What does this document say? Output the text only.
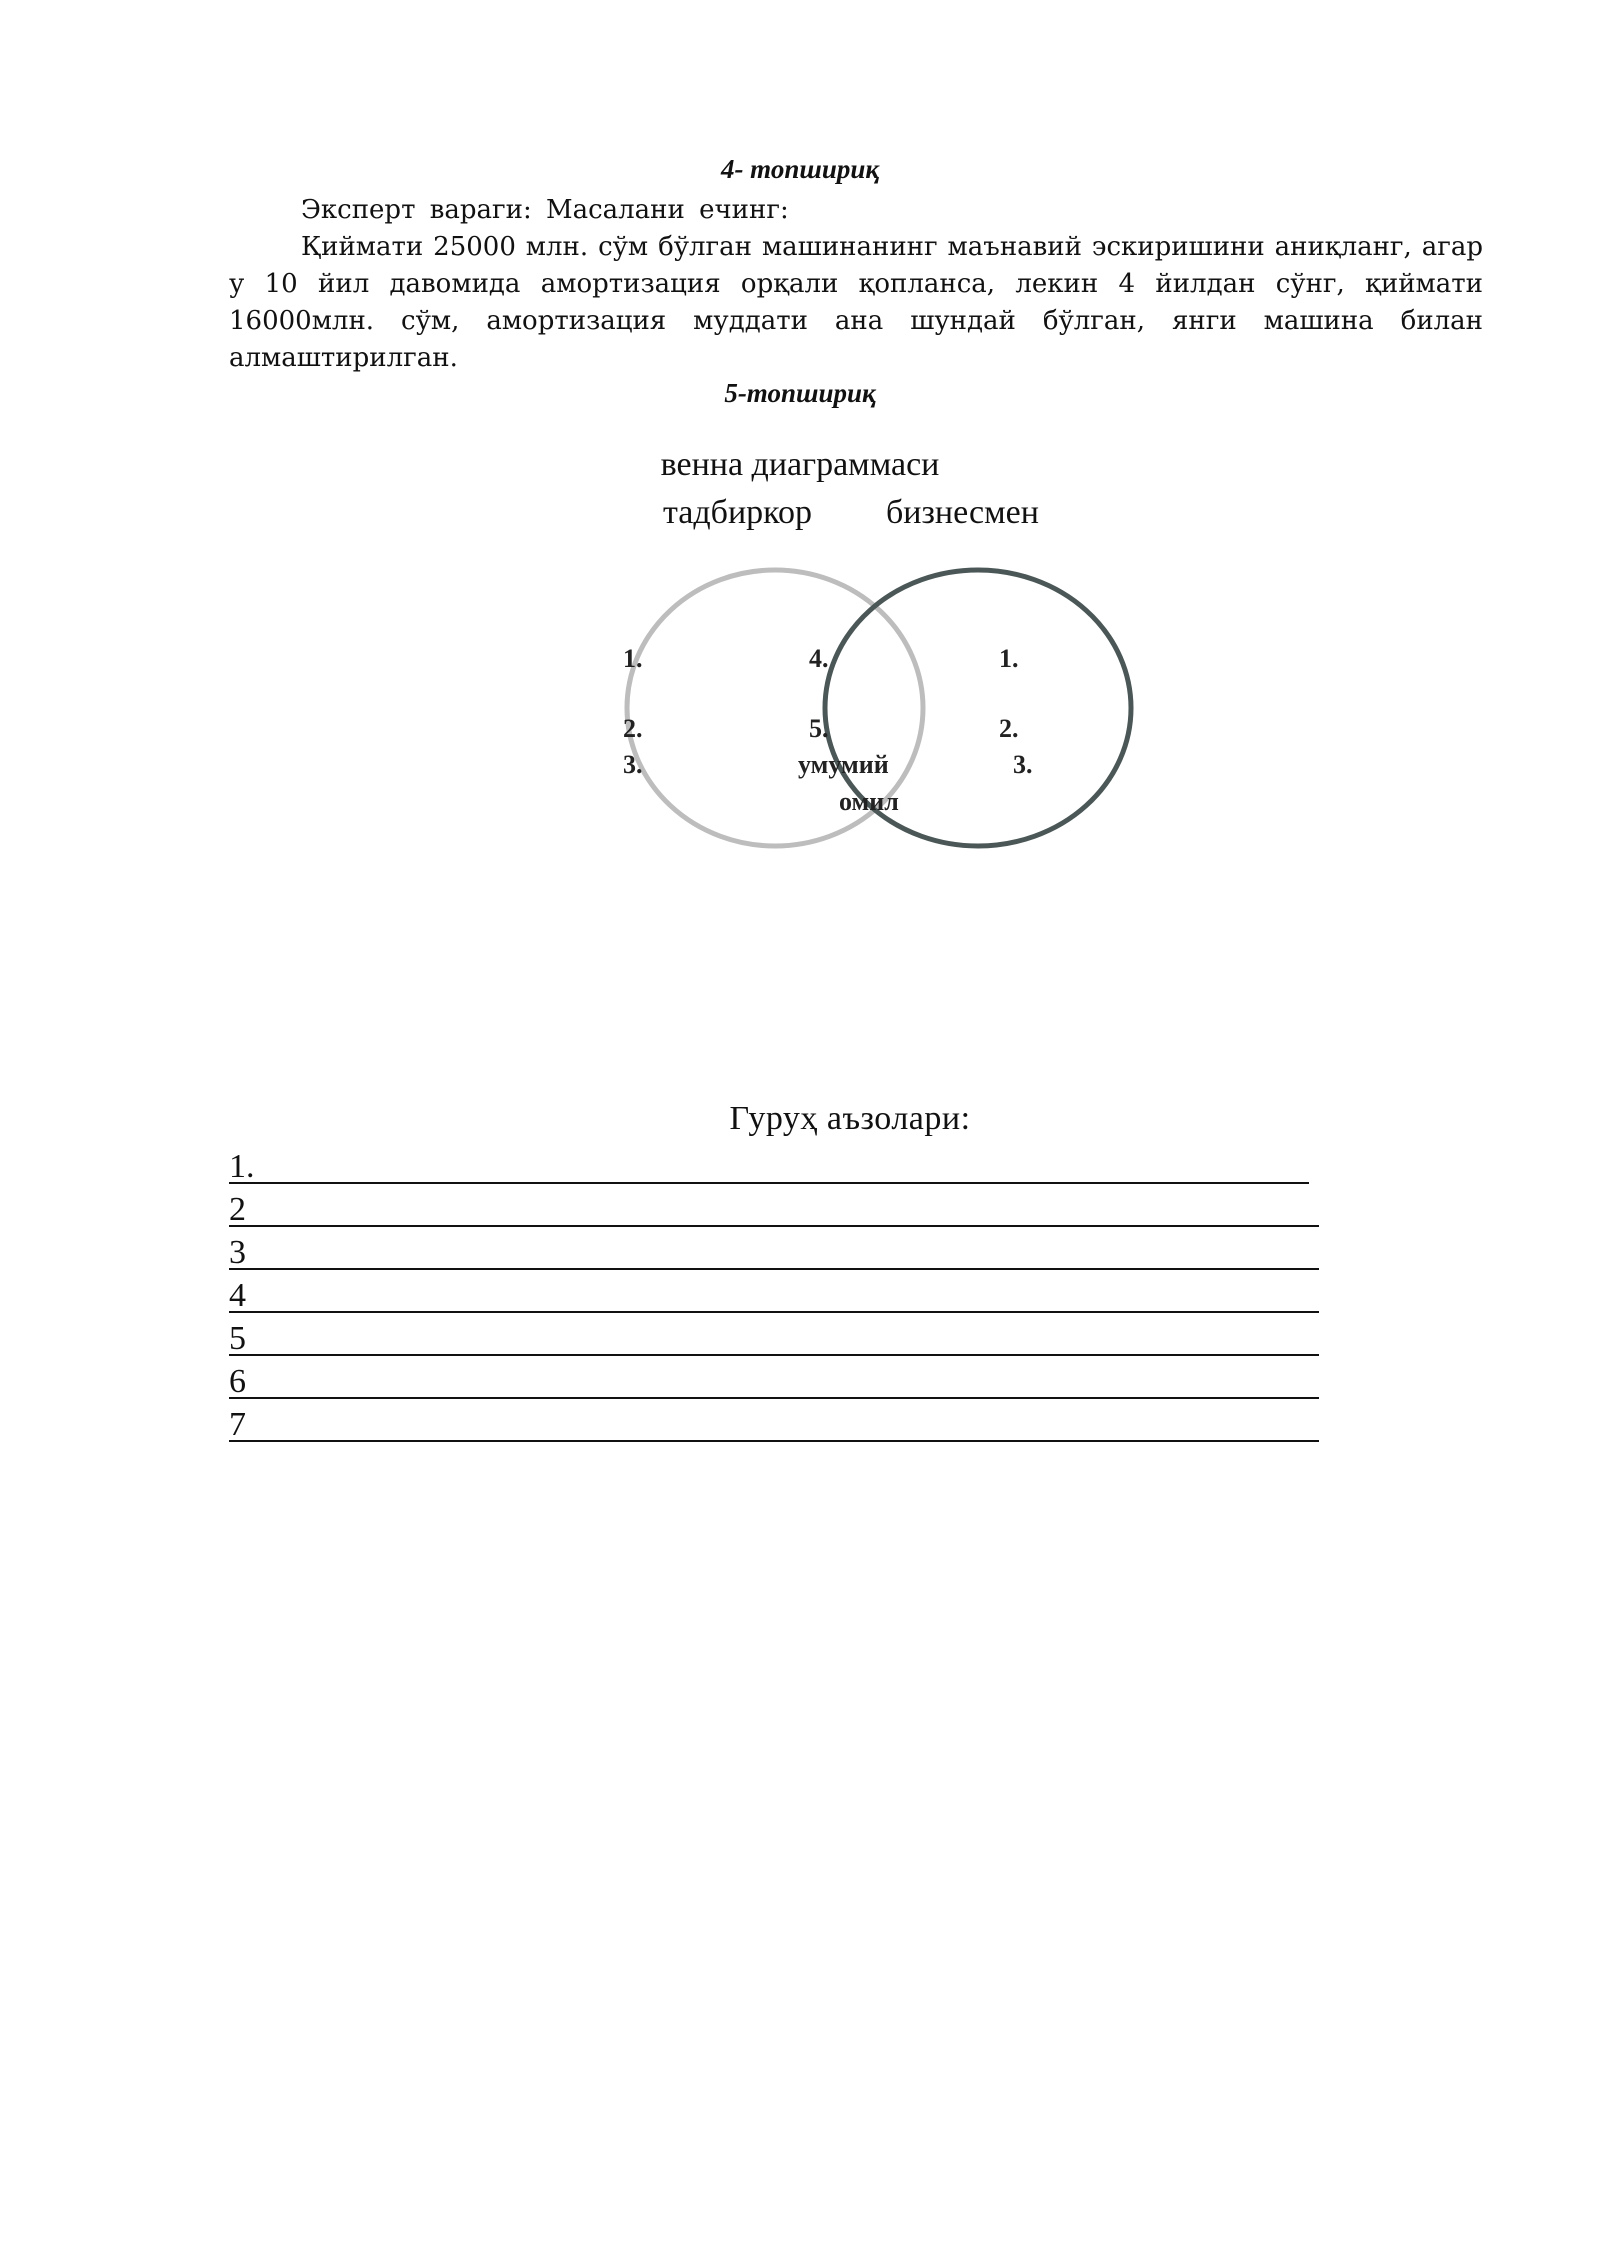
4- топшириқ
Эксперт вараги: Масалани ечинг:
Қиймати 25000 млн. сўм бўлган машинанинг маънавий эскиришини аниқланг, агар у 10 йил давомида амортизация орқали қопланса, лекин 4 йилдан сўнг, қиймати 16000млн. сўм, амортизация муддати ана шундай бўлган, янги машина билан алмаштирилган.
5-топшириқ
венна диаграммаси
тадбиркор бизнесмен
1.
2.
3.
4.
5.
умумий
омил
1.
2.
3.
Гуруҳ аъзолари:
1.
2
3
4
5
6
7
